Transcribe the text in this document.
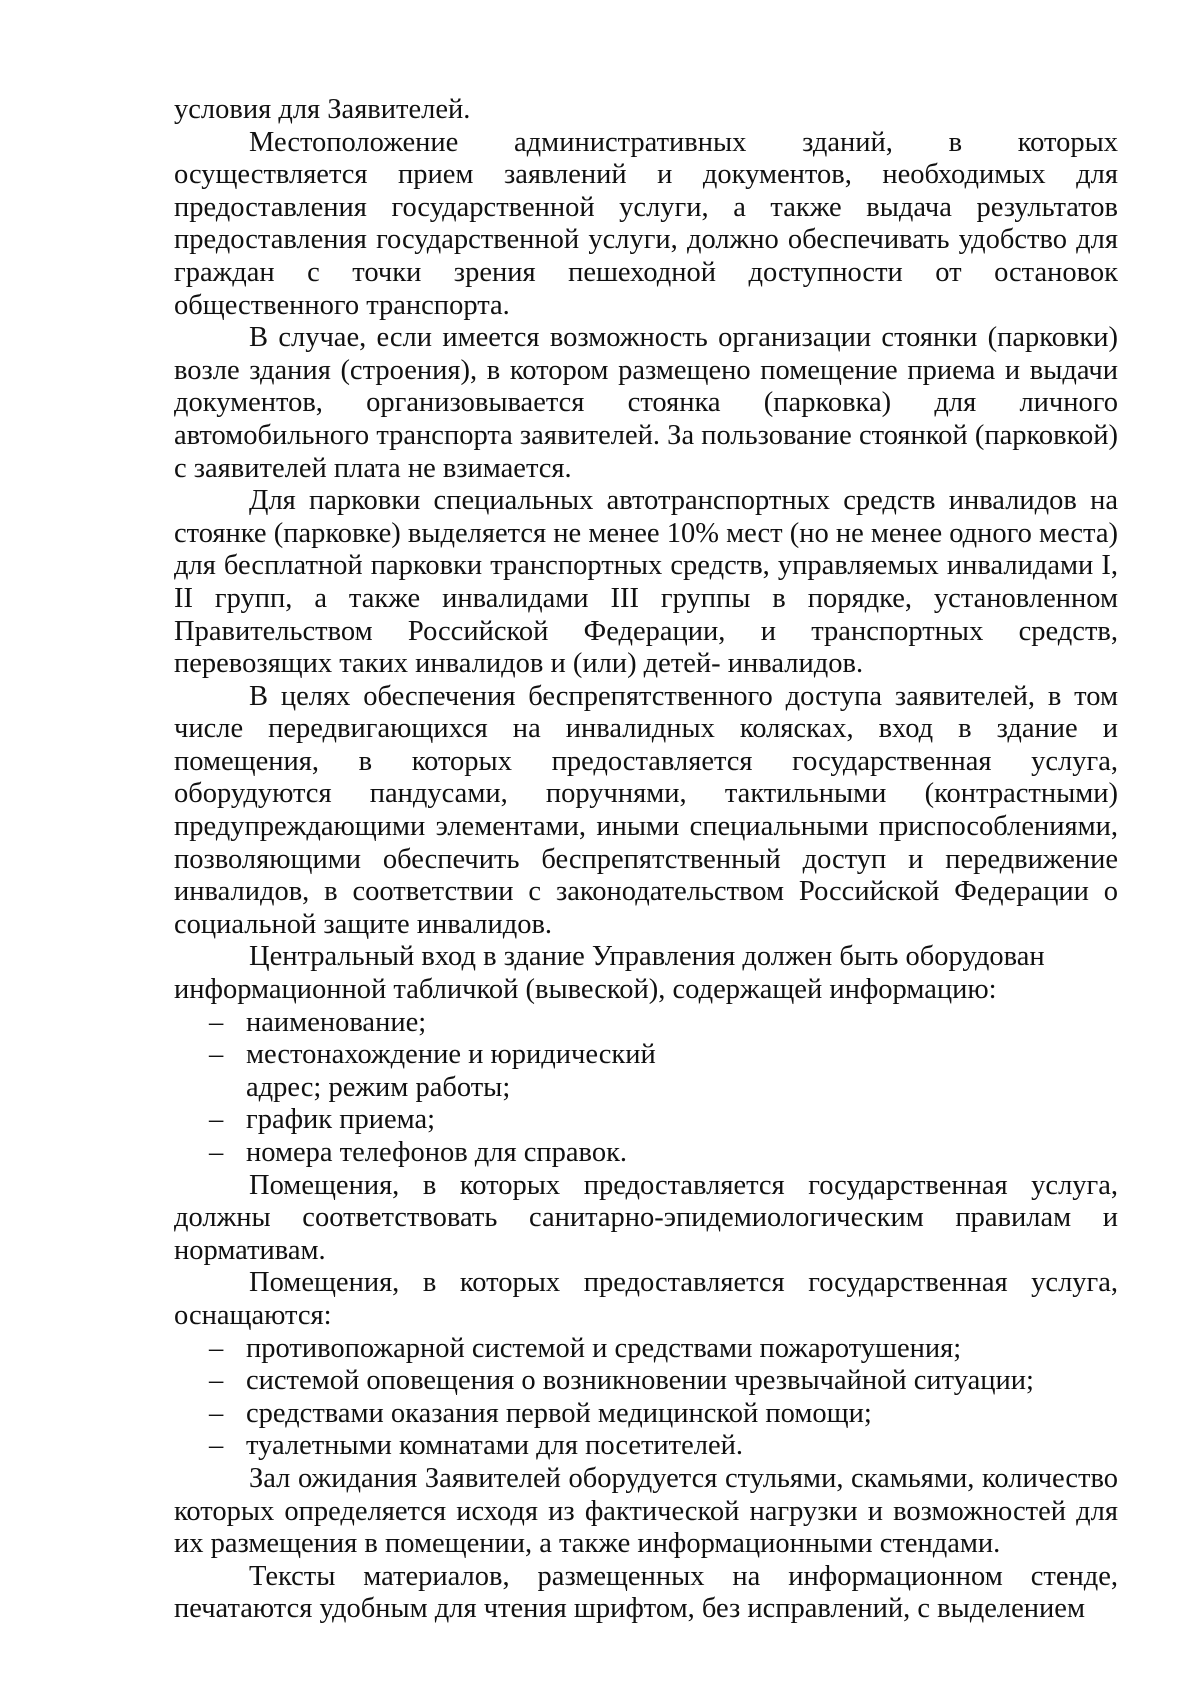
условия для Заявителей.

Местоположение административных зданий, в которых осуществляется прием заявлений и документов, необходимых для предоставления государственной услуги, а также выдача результатов предоставления государственной услуги, должно обеспечивать удобство для граждан с точки зрения пешеходной доступности от остановок общественного транспорта.

В случае, если имеется возможность организации стоянки (парковки) возле здания (строения), в котором размещено помещение приема и выдачи документов, организовывается стоянка (парковка) для личного автомобильного транспорта заявителей. За пользование стоянкой (парковкой) с заявителей плата не взимается.

Для парковки специальных автотранспортных средств инвалидов на стоянке (парковке) выделяется не менее 10% мест (но не менее одного места) для бесплатной парковки транспортных средств, управляемых инвалидами I, II групп, а также инвалидами III группы в порядке, установленном Правительством Российской Федерации, и транспортных средств, перевозящих таких инвалидов и (или) детей- инвалидов.

В целях обеспечения беспрепятственного доступа заявителей, в том числе передвигающихся на инвалидных колясках, вход в здание и помещения, в которых предоставляется государственная услуга, оборудуются пандусами, поручнями, тактильными (контрастными) предупреждающими элементами, иными специальными приспособлениями, позволяющими обеспечить беспрепятственный доступ и передвижение инвалидов, в соответствии с законодательством Российской Федерации о социальной защите инвалидов.

Центральный вход в здание Управления должен быть оборудован информационной табличкой (вывеской), содержащей информацию:

– наименование;
– местонахождение и юридический адрес; режим работы;
– график приема;
– номера телефонов для справок.

Помещения, в которых предоставляется государственная услуга, должны соответствовать санитарно-эпидемиологическим правилам и нормативам.

Помещения, в которых предоставляется государственная услуга, оснащаются:

– противопожарной системой и средствами пожаротушения;
– системой оповещения о возникновении чрезвычайной ситуации;
– средствами оказания первой медицинской помощи;
– туалетными комнатами для посетителей.

Зал ожидания Заявителей оборудуется стульями, скамьями, количество которых определяется исходя из фактической нагрузки и возможностей для их размещения в помещении, а также информационными стендами.

Тексты материалов, размещенных на информационном стенде, печатаются удобным для чтения шрифтом, без исправлений, с выделением
